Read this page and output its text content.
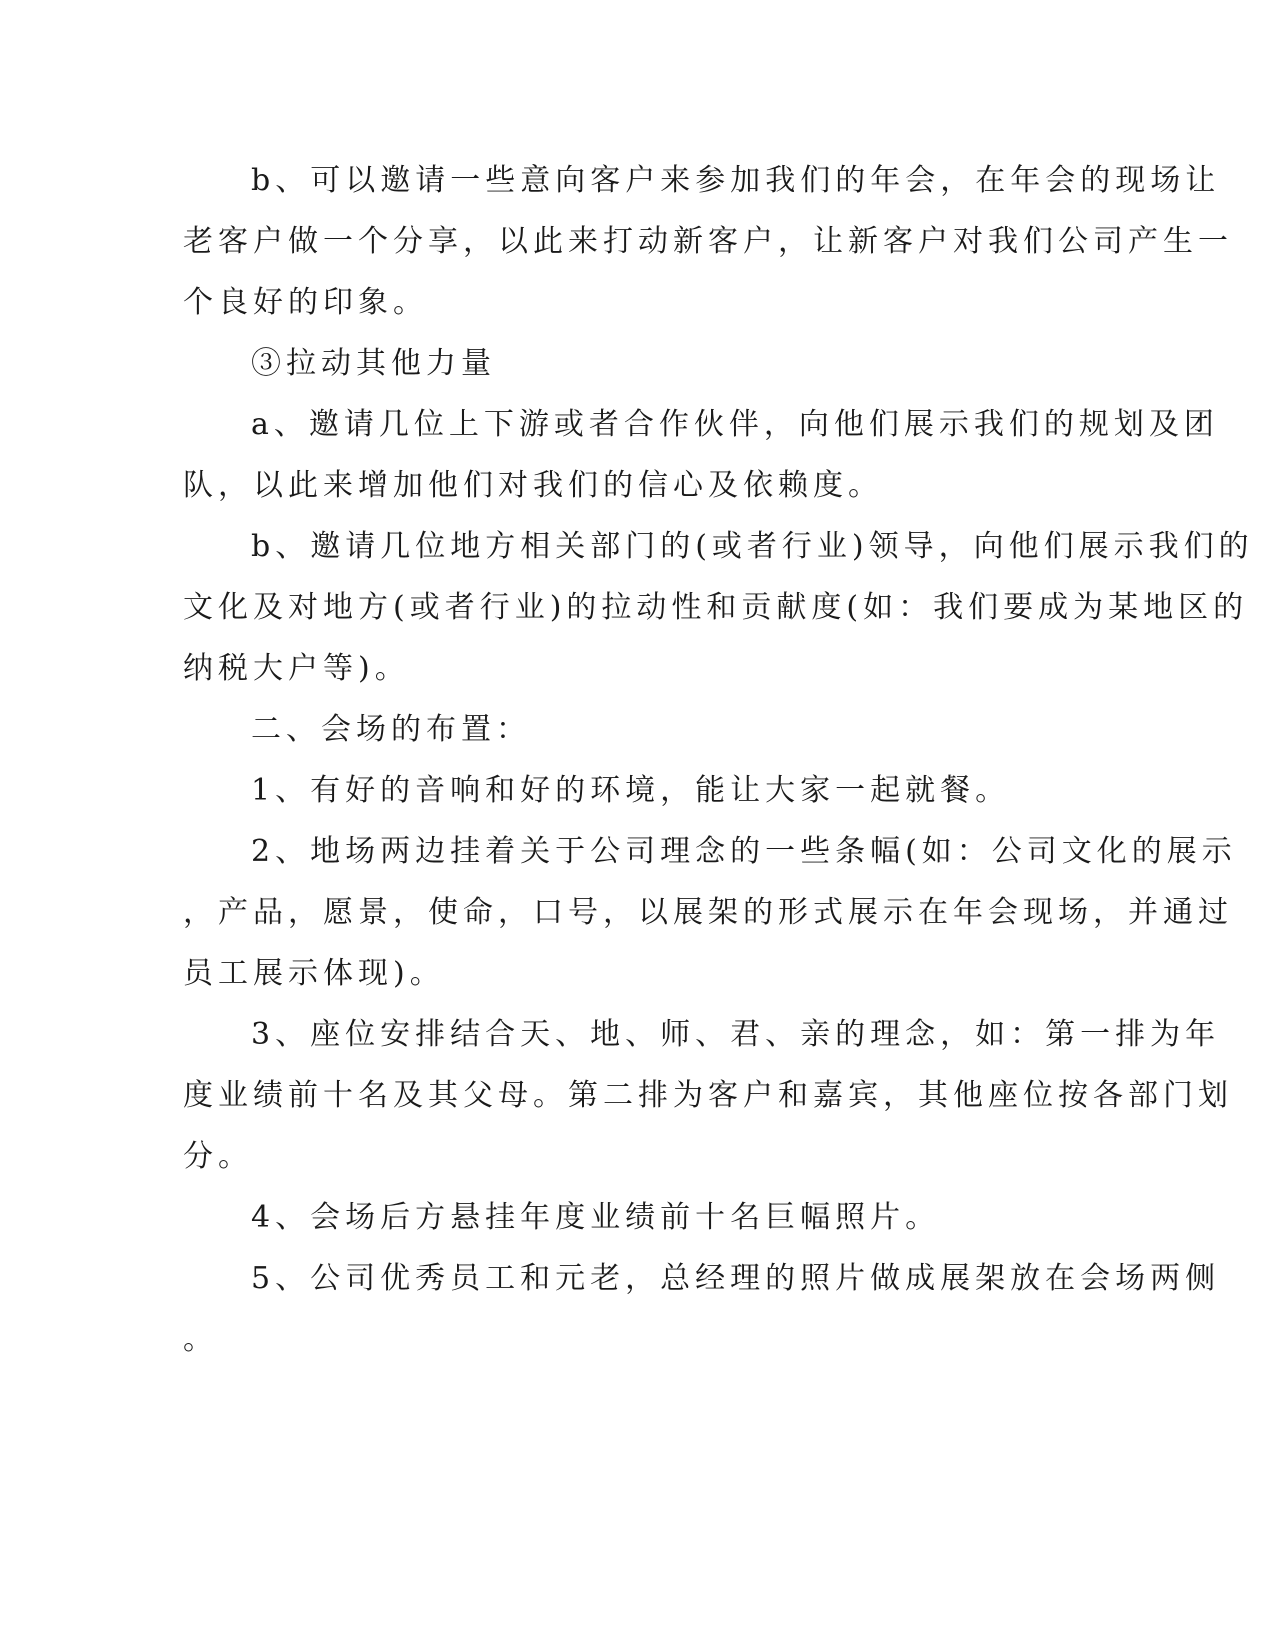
b、可以邀请一些意向客户来参加我们的年会，在年会的现场让
老客户做一个分享，以此来打动新客户，让新客户对我们公司产生一
个良好的印象。
③拉动其他力量
a、邀请几位上下游或者合作伙伴，向他们展示我们的规划及团
队，以此来增加他们对我们的信心及依赖度。
b、邀请几位地方相关部门的(或者行业)领导，向他们展示我们的
文化及对地方(或者行业)的拉动性和贡献度(如：我们要成为某地区的
纳税大户等)。
二、会场的布置：
1、有好的音响和好的环境，能让大家一起就餐。
2、地场两边挂着关于公司理念的一些条幅(如：公司文化的展示
，产品，愿景，使命，口号，以展架的形式展示在年会现场，并通过
员工展示体现)。
3、座位安排结合天、地、师、君、亲的理念，如：第一排为年
度业绩前十名及其父母。第二排为客户和嘉宾，其他座位按各部门划
分。
4、会场后方悬挂年度业绩前十名巨幅照片。
5、公司优秀员工和元老，总经理的照片做成展架放在会场两侧
。
